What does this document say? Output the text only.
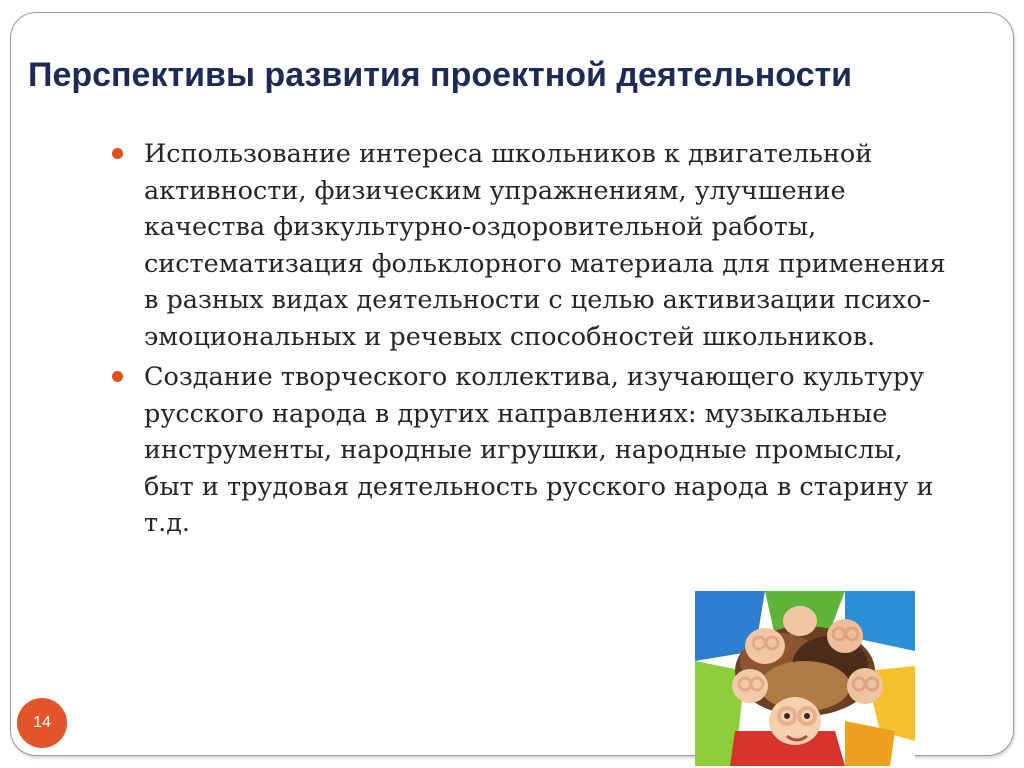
Перспективы развития проектной деятельности
Использование интереса школьников к двигательной активности, физическим упражнениям, улучшение качества физкультурно-оздоровительной работы, систематизация фольклорного материала для применения в разных видах деятельности с целью активизации психо-эмоциональных и речевых способностей школьников.
Создание творческого коллектива, изучающего культуру русского народа в других направлениях: музыкальные инструменты, народные игрушки, народные промыслы, быт и трудовая деятельность русского народа в старину и т.д.
14
